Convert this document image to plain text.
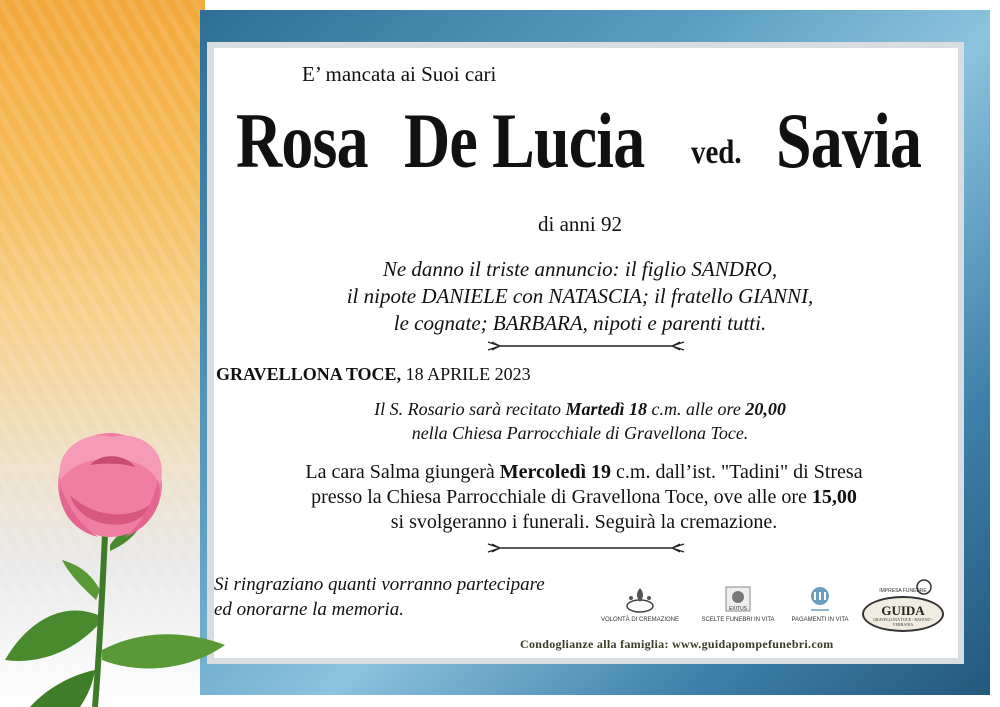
E’ mancata ai Suoi cari

Rosa De Lucia ved. Savia

di anni 92

Ne danno il triste annuncio: il figlio SANDRO,
il nipote DANIELE con NATASCIA; il fratello GIANNI,
le cognate; BARBARA, nipoti e parenti tutti.

GRAVELLONA TOCE, 18 APRILE 2023

Il S. Rosario sarà recitato Martedì 18 c.m. alle ore 20,00
nella Chiesa Parrocchiale di Gravellona Toce.
La cara Salma giungerà Mercoledì 19 c.m. dall’ist. "Tadini" di Stresa
presso la Chiesa Parrocchiale di Gravellona Toce, ove alle ore 15,00
si svolgeranno i funerali. Seguirà la cremazione.
Si ringraziano quanti vorranno partecipare
ed onorarne la memoria.	VOLONTÀ DI CREMAZIONE
EXITUS
SCELTE FUNEBRI IN VITA	PAGAMENTI IN VITA
IMPRESA FUNEBRE
GUIDA
GRAVELLONA TOCE - BAVENO - VERBANIA
Condoglianze alla famiglia: www.guidapompefunebri.com
